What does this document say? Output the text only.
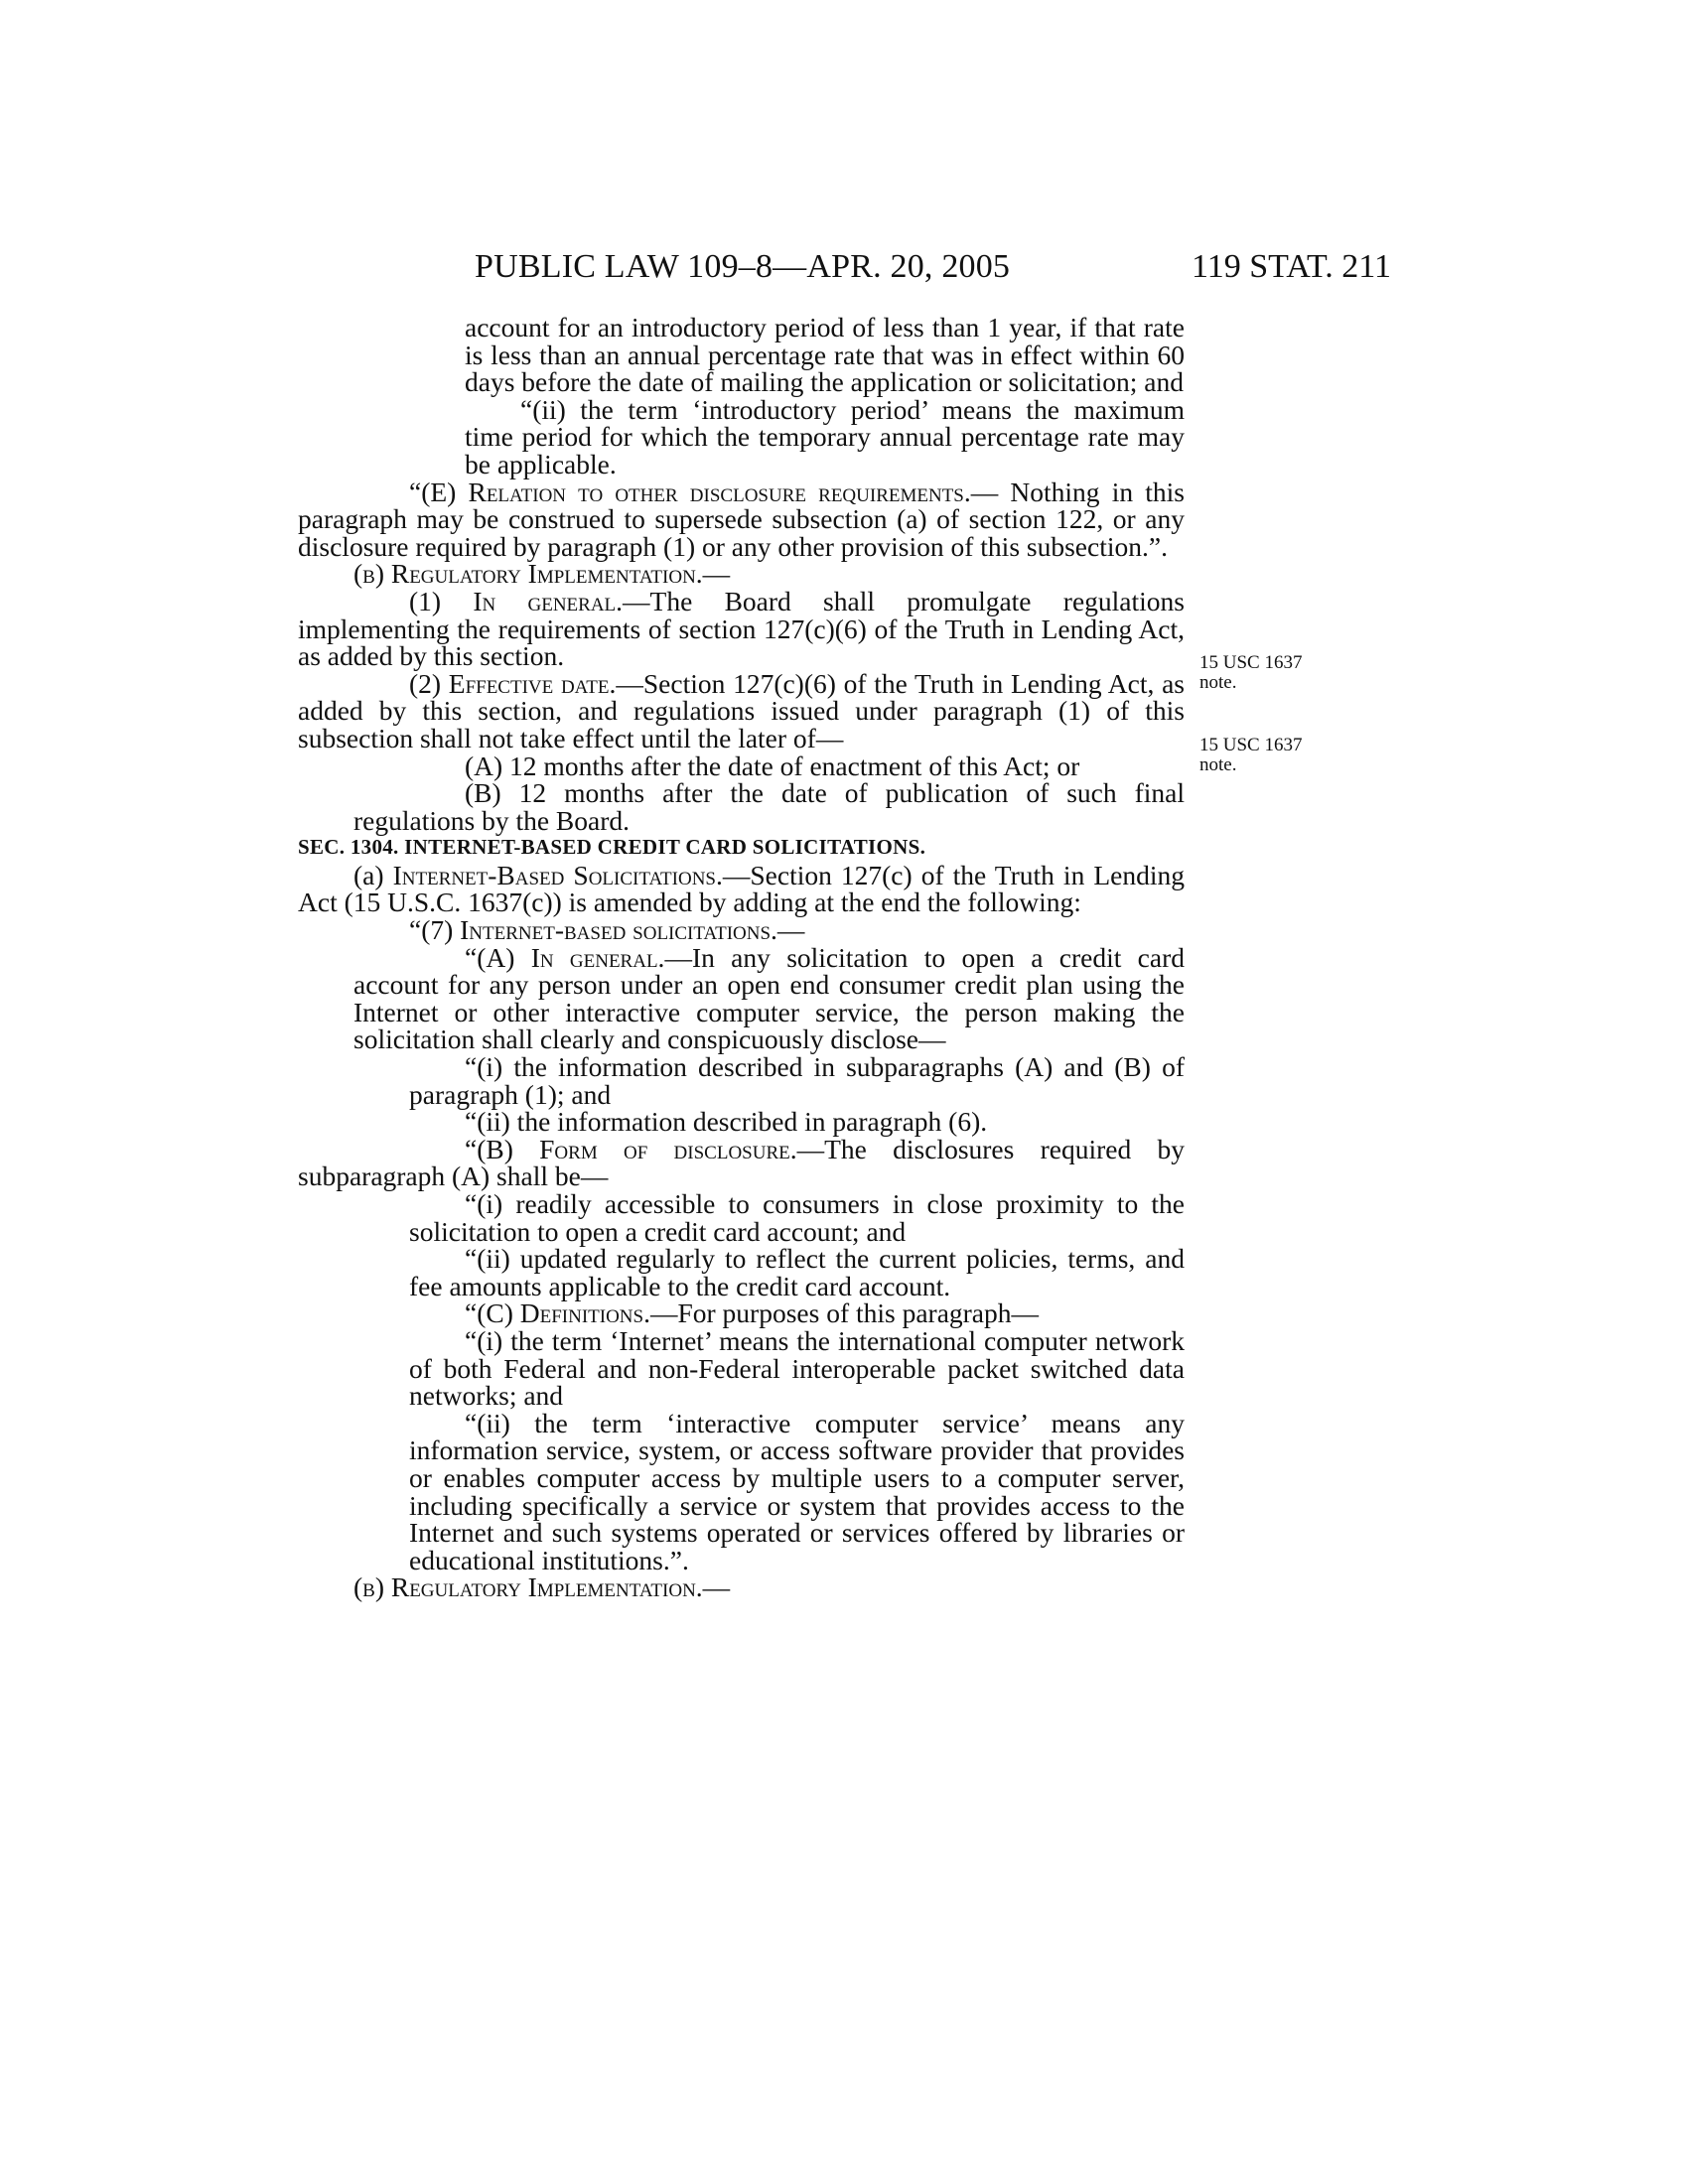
PUBLIC LAW 109–8—APR. 20, 2005	119 STAT. 211
15 USC 1637
note.
15 USC 1637
note.

account for an introductory period of less than 1 year, if that rate is less than an annual percentage rate that was in effect within 60 days before the date of mailing the application or solicitation; and

“(ii) the term ‘introductory period’ means the maximum time period for which the temporary annual percentage rate may be applicable.

“(E) Relation to other disclosure requirements.— Nothing in this paragraph may be construed to supersede subsection (a) of section 122, or any disclosure required by paragraph (1) or any other provision of this subsection.”.

(b) Regulatory Implementation.—

(1) In general.—The Board shall promulgate regulations implementing the requirements of section 127(c)(6) of the Truth in Lending Act, as added by this section.

(2) Effective date.—Section 127(c)(6) of the Truth in Lending Act, as added by this section, and regulations issued under paragraph (1) of this subsection shall not take effect until the later of—

(A) 12 months after the date of enactment of this Act; or

(B) 12 months after the date of publication of such final regulations by the Board.

SEC. 1304. INTERNET-BASED CREDIT CARD SOLICITATIONS.

(a) Internet-Based Solicitations.—Section 127(c) of the Truth in Lending Act (15 U.S.C. 1637(c)) is amended by adding at the end the following:

“(7) Internet-based solicitations.—

“(A) In general.—In any solicitation to open a credit card account for any person under an open end consumer credit plan using the Internet or other interactive computer service, the person making the solicitation shall clearly and conspicuously disclose—

“(i) the information described in subparagraphs (A) and (B) of paragraph (1); and

“(ii) the information described in paragraph (6).

“(B) Form of disclosure.—The disclosures required by subparagraph (A) shall be—

“(i) readily accessible to consumers in close proximity to the solicitation to open a credit card account; and

“(ii) updated regularly to reflect the current policies, terms, and fee amounts applicable to the credit card account.

“(C) Definitions.—For purposes of this paragraph—

“(i) the term ‘Internet’ means the international computer network of both Federal and non-Federal interoperable packet switched data networks; and

“(ii) the term ‘interactive computer service’ means any information service, system, or access software provider that provides or enables computer access by multiple users to a computer server, including specifically a service or system that provides access to the Internet and such systems operated or services offered by libraries or educational institutions.”.

(b) Regulatory Implementation.—
